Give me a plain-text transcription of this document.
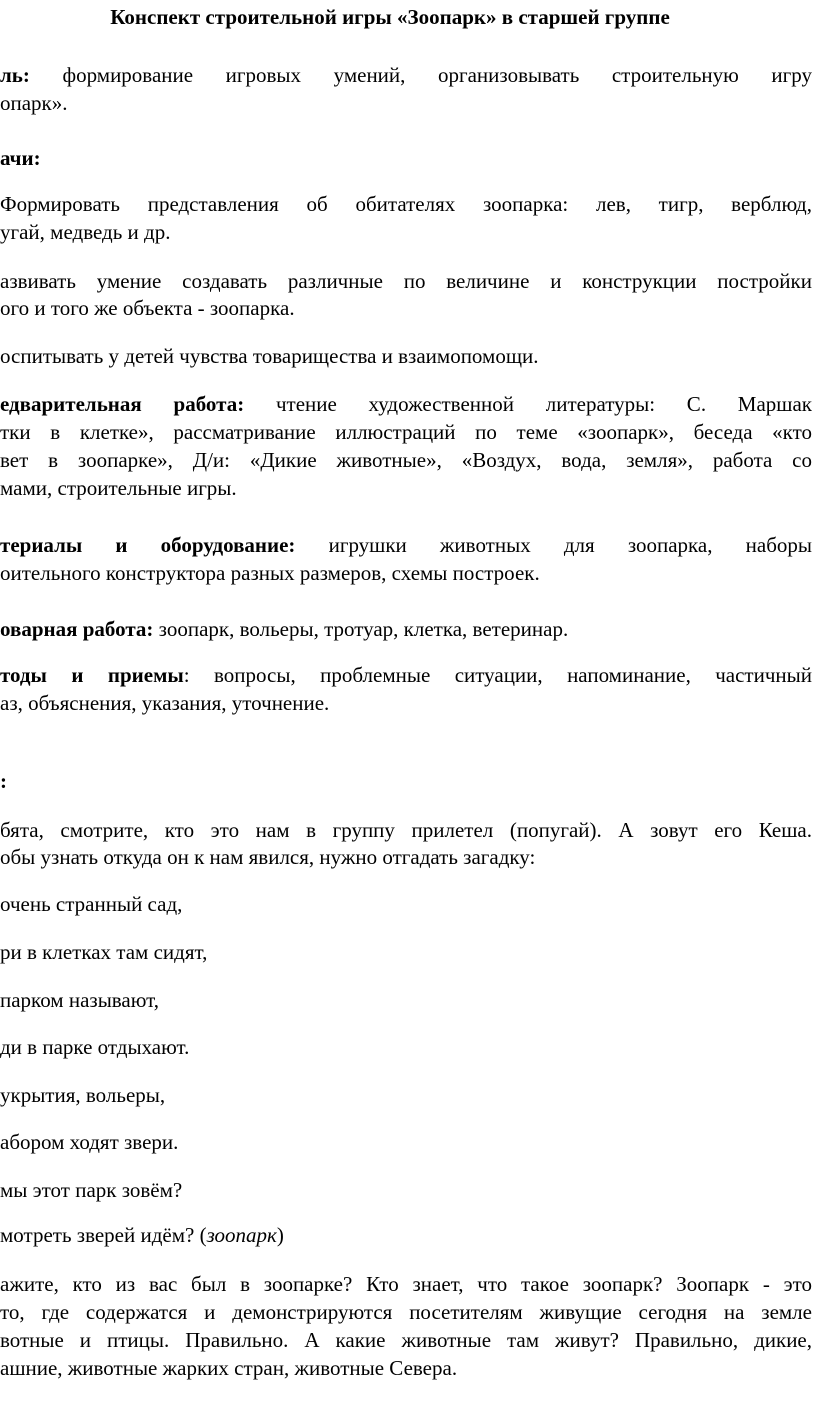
Конспект строительной игры «Зоопарк» в старшей группе
ль: формирование игровых умений, организовывать строительную игру
опарк».
ачи:
Формировать представления об обитателях зоопарка: лев, тигр, верблюд,
угай, медведь и др.
азвивать умение создавать различные по величине и конструкции постройки
ого и того же объекта - зоопарка.
оспитывать у детей чувства товарищества и взаимопомощи.
едварительная работа: чтение художественной литературы: С. Маршак
тки в клетке», рассматривание иллюстраций по теме «зоопарк», беседа «кто
вет в зоопарке», Д/и: «Дикие животные», «Воздух, вода, земля», работа со
мами, строительные игры.
териалы и оборудование: игрушки животных для зоопарка, наборы
оительного конструктора разных размеров, схемы построек.
оварная работа: зоопарк, вольеры, тротуар, клетка, ветеринар.
тоды и приемы: вопросы, проблемные ситуации, напоминание, частичный
аз, объяснения, указания, уточнение.
:
бята, смотрите, кто это нам в группу прилетел (попугай). А зовут его Кеша.
обы узнать откуда он к нам явился, нужно отгадать загадку:
очень странный сад,
ри в клетках там сидят,
парком называют,
ди в парке отдыхают.
укрытия, вольеры,
абором ходят звери.
мы этот парк зовём?
мотреть зверей идём? (зоопарк)
ажите, кто из вас был в зоопарке? Кто знает, что такое зоопарк? Зоопарк - это
то, где содержатся и демонстрируются посетителям живущие сегодня на земле
вотные и птицы. Правильно. А какие животные там живут? Правильно, дикие,
ашние, животные жарких стран, животные Севера.
